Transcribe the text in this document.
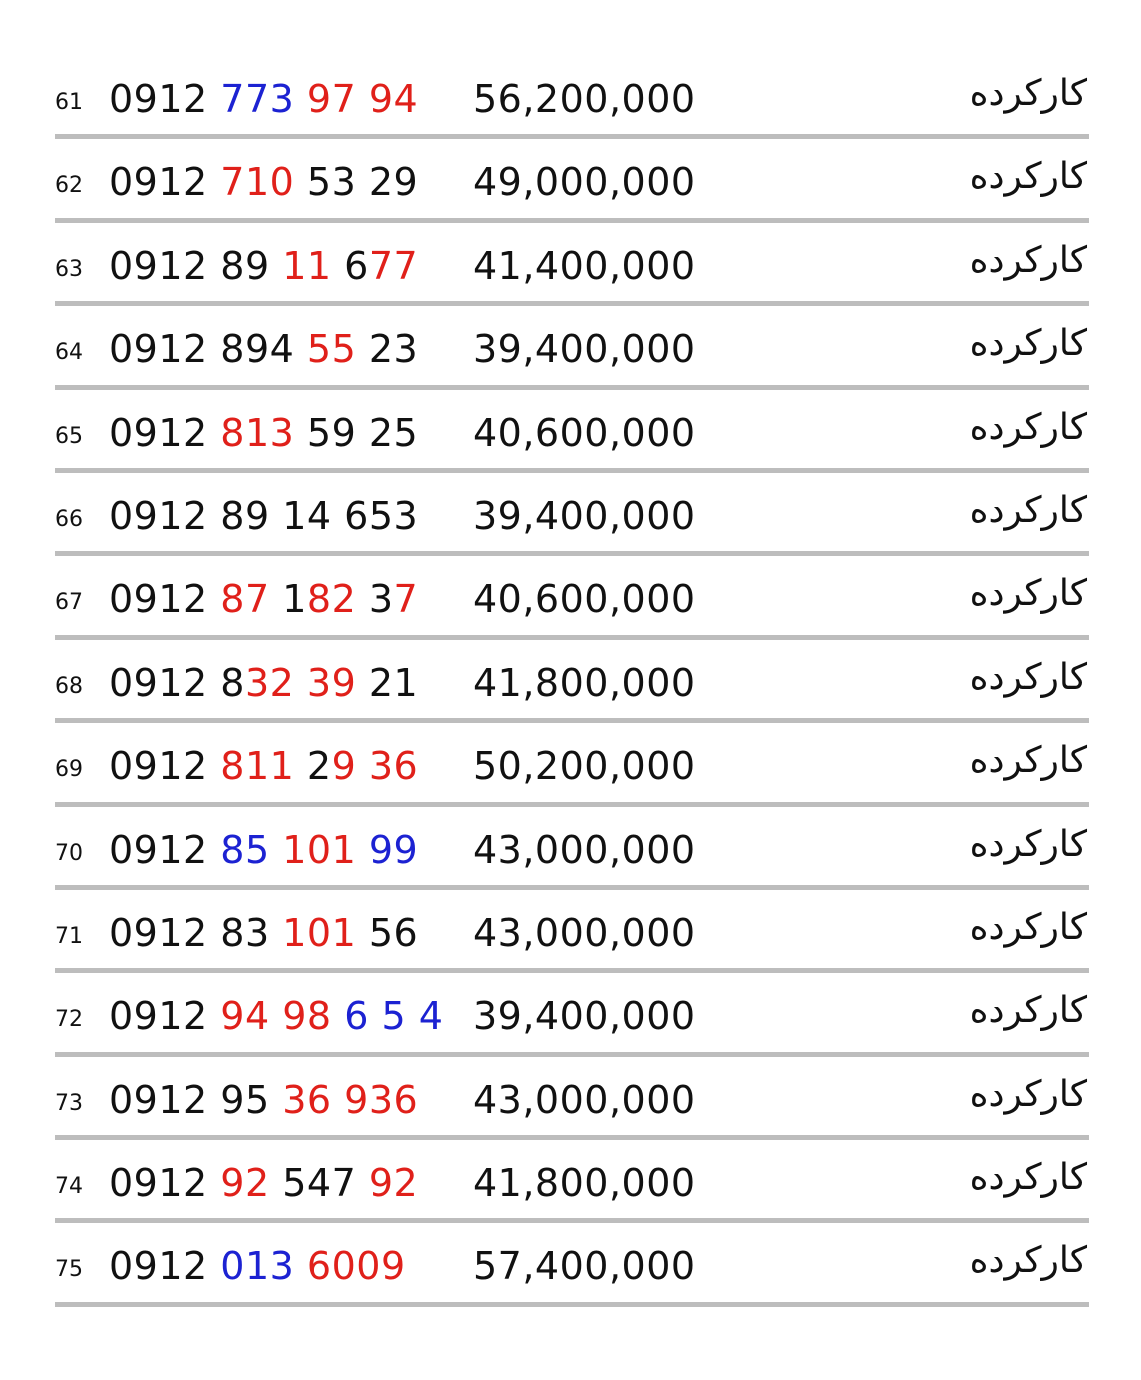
61 0912 773 97 94 56,200,000	کارکرده
62 0912 710 53 29 49,000,000	کارکرده
63 0912 89 11 677 41,400,000	کارکرده
64 0912 894 55 23 39,400,000	کارکرده
65 0912 813 59 25 40,600,000	کارکرده
66 0912 89 14 653 39,400,000	کارکرده
67 0912 87 182 37 40,600,000	کارکرده
68 0912 832 39 21 41,800,000	کارکرده
69 0912 811 29 36 50,200,000	کارکرده
70 0912 85 101 99 43,000,000	کارکرده
71 0912 83 101 56 43,000,000	کارکرده
72 0912 94 98 6 5 4 39,400,000	کارکرده
73 0912 95 36 936 43,000,000	کارکرده
74 0912 92 547 92 41,800,000	کارکرده
75 0912 013 6009 57,400,000	کارکرده
